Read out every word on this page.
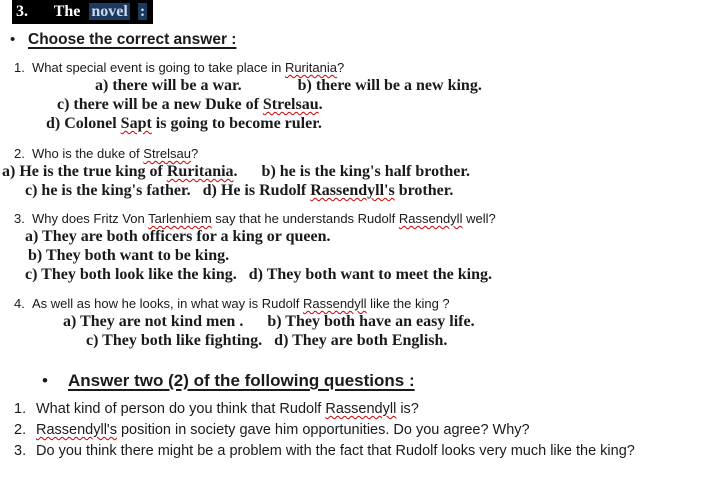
3. The novel :
• Choose the correct answer :
1. What special event is going to take place in Ruritania?
a) there will be a war.	b) there will be a new king.
c) there will be a new Duke of Strelsau.
d) Colonel Sapt is going to become ruler.
2. Who is the duke of Strelsau?
a) He is the true king of Ruritania. b) he is the king's half brother.
c) he is the king's father. d) He is Rudolf Rassendyll's brother.
3. Why does Fritz Von Tarlenhiem say that he understands Rudolf Rassendyll well?
a) They are both officers for a king or queen.
b) They both want to be king.
c) They both look like the king. d) They both want to meet the king.
4. As well as how he looks, in what way is Rudolf Rassendyll like the king ?
a) They are not kind men . b) They both have an easy life.
c) They both like fighting. d) They are both English.
• Answer two (2) of the following questions :
1. What kind of person do you think that Rudolf Rassendyll is?
2. Rassendyll's position in society gave him opportunities. Do you agree? Why?
3. Do you think there might be a problem with the fact that Rudolf looks very much like the king?
